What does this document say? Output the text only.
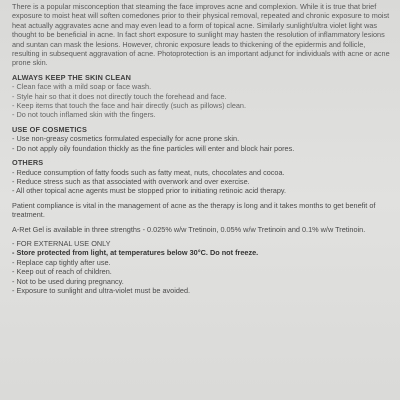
There is a popular misconception that steaming the face improves acne and complexion. While it is true that brief exposure to moist heat will soften comedones prior to their physical removal, repeated and chronic exposure to moist heat actually aggravates acne and may even lead to a form of topical acne. Similarly sunlight/ultra violet light was thought to be beneficial in acne. In fact short exposure to sunlight may hasten the resolution of inflammatory lesions and suntan can mask the lesions. However, chronic exposure leads to thickening of the epidermis and follicle, resulting in subsequent aggravation of acne. Photoprotection is an important adjunct for individuals with acne or acne prone skin.

ALWAYS KEEP THE SKIN CLEAN
- Clean face with a mild soap or face wash.
- Style hair so that it does not directly touch the forehead and face.
- Keep items that touch the face and hair directly (such as pillows) clean.
- Do not touch inflamed skin with the fingers.
USE OF COSMETICS
- Use non-greasy cosmetics formulated especially for acne prone skin.
- Do not apply oily foundation thickly as the fine particles will enter and block hair pores.
OTHERS
- Reduce consumption of fatty foods such as fatty meat, nuts, chocolates and cocoa.
- Reduce stress such as that associated with overwork and over exercise.
- All other topical acne agents must be stopped prior to initiating retinoic acid therapy.

Patient compliance is vital in the management of acne as the therapy is long and it takes months to get benefit of treatment.

A-Ret Gel is available in three strengths - 0.025% w/w Tretinoin, 0.05% w/w Tretinoin and 0.1% w/w Tretinoin.

- FOR EXTERNAL USE ONLY
- Store protected from light, at temperatures below 30°C. Do not freeze.
- Replace cap tightly after use.
- Keep out of reach of children.
- Not to be used during pregnancy.
- Exposure to sunlight and ultra-violet must be avoided.
